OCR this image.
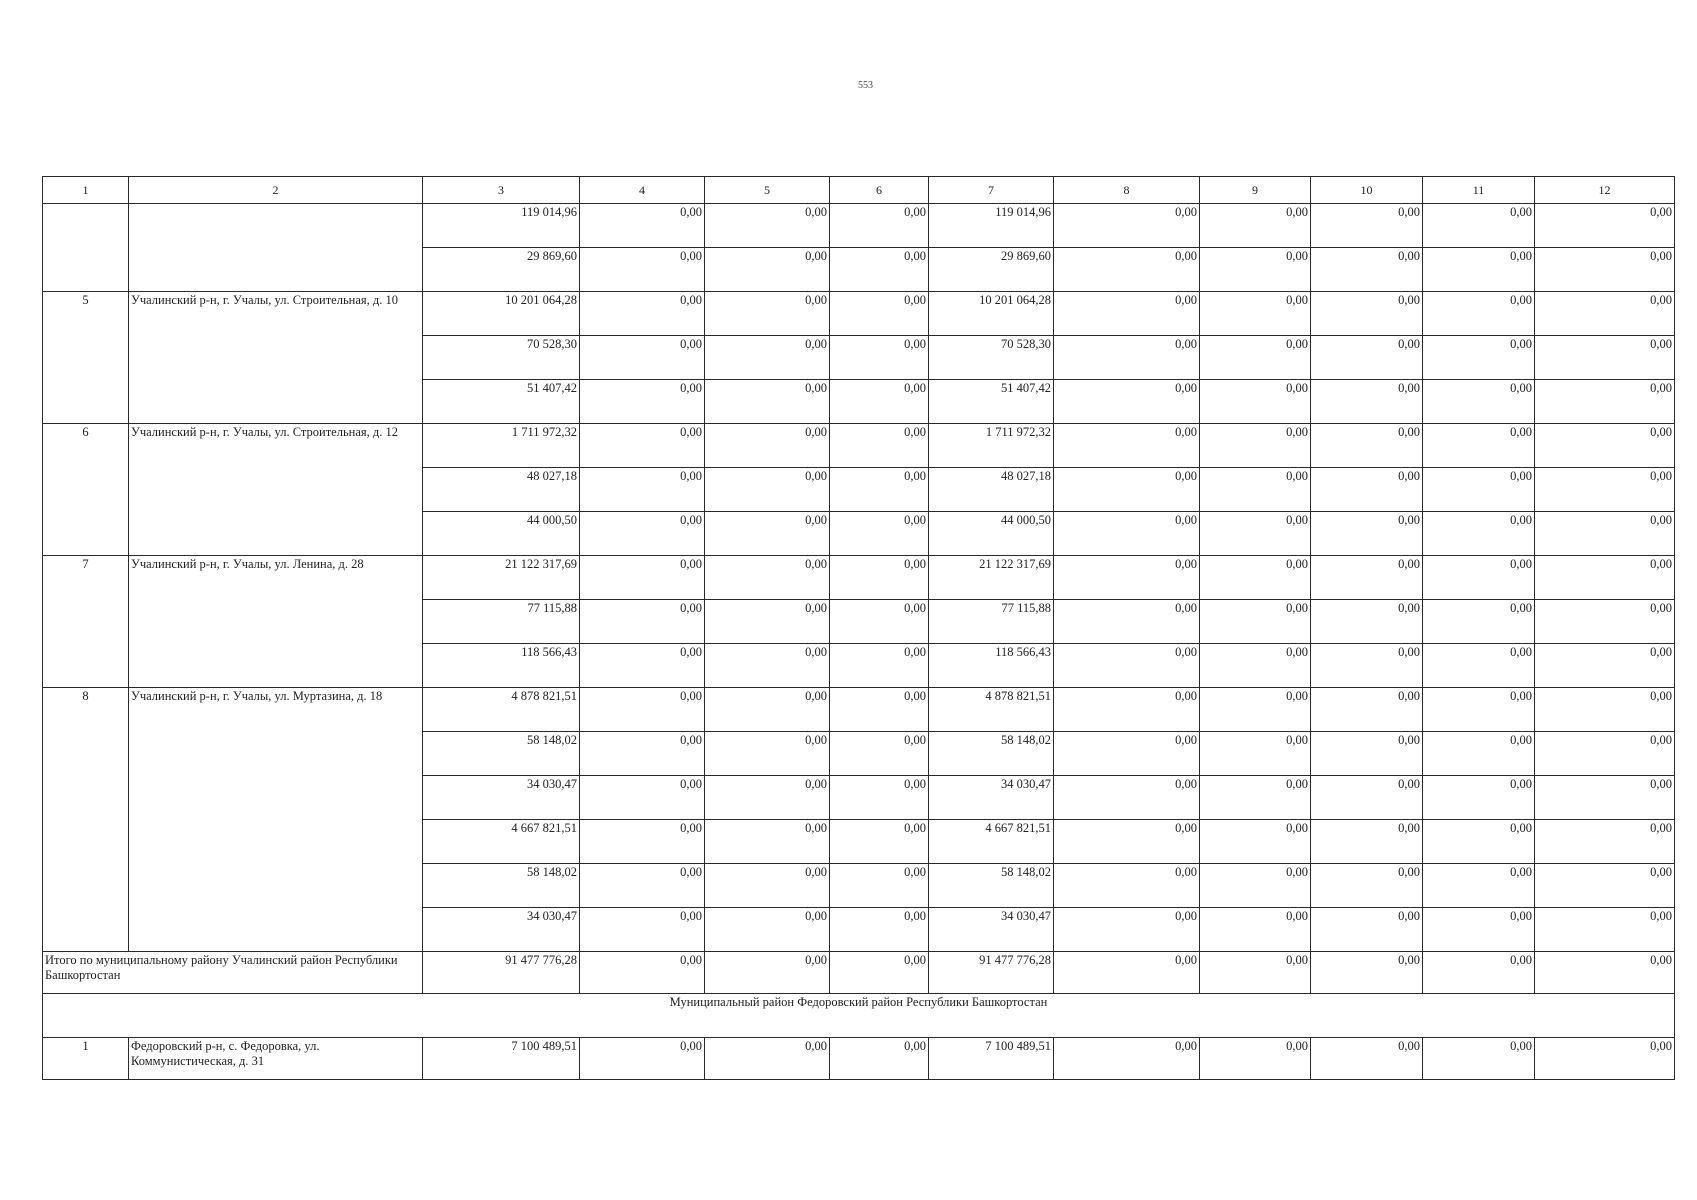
553
1	2	3	4	5	6	7	8	9	10	11	12
		119 014,96	0,00	0,00	0,00	119 014,96	0,00	0,00	0,00	0,00	0,00
		29 869,60	0,00	0,00	0,00	29 869,60	0,00	0,00	0,00	0,00	0,00
5	Учалинский р-н, г. Учалы, ул. Строительная, д. 10	10 201 064,28	0,00	0,00	0,00	10 201 064,28	0,00	0,00	0,00	0,00	0,00
		70 528,30	0,00	0,00	0,00	70 528,30	0,00	0,00	0,00	0,00	0,00
		51 407,42	0,00	0,00	0,00	51 407,42	0,00	0,00	0,00	0,00	0,00
6	Учалинский р-н, г. Учалы, ул. Строительная, д. 12	1 711 972,32	0,00	0,00	0,00	1 711 972,32	0,00	0,00	0,00	0,00	0,00
		48 027,18	0,00	0,00	0,00	48 027,18	0,00	0,00	0,00	0,00	0,00
		44 000,50	0,00	0,00	0,00	44 000,50	0,00	0,00	0,00	0,00	0,00
7	Учалинский р-н, г. Учалы, ул. Ленина, д. 28	21 122 317,69	0,00	0,00	0,00	21 122 317,69	0,00	0,00	0,00	0,00	0,00
		77 115,88	0,00	0,00	0,00	77 115,88	0,00	0,00	0,00	0,00	0,00
		118 566,43	0,00	0,00	0,00	118 566,43	0,00	0,00	0,00	0,00	0,00
8	Учалинский р-н, г. Учалы, ул. Муртазина, д. 18	4 878 821,51	0,00	0,00	0,00	4 878 821,51	0,00	0,00	0,00	0,00	0,00
		58 148,02	0,00	0,00	0,00	58 148,02	0,00	0,00	0,00	0,00	0,00
		34 030,47	0,00	0,00	0,00	34 030,47	0,00	0,00	0,00	0,00	0,00
		4 667 821,51	0,00	0,00	0,00	4 667 821,51	0,00	0,00	0,00	0,00	0,00
		58 148,02	0,00	0,00	0,00	58 148,02	0,00	0,00	0,00	0,00	0,00
		34 030,47	0,00	0,00	0,00	34 030,47	0,00	0,00	0,00	0,00	0,00
Итого по муниципальному району Учалинский район Республики Башкортостан		91 477 776,28	0,00	0,00	0,00	91 477 776,28	0,00	0,00	0,00	0,00	0,00
Муниципальный район Федоровский район Республики Башкортостан											
1	Федоровский р-н, с. Федоровка, ул. Коммунистическая, д. 31	7 100 489,51	0,00	0,00	0,00	7 100 489,51	0,00	0,00	0,00	0,00	0,00
